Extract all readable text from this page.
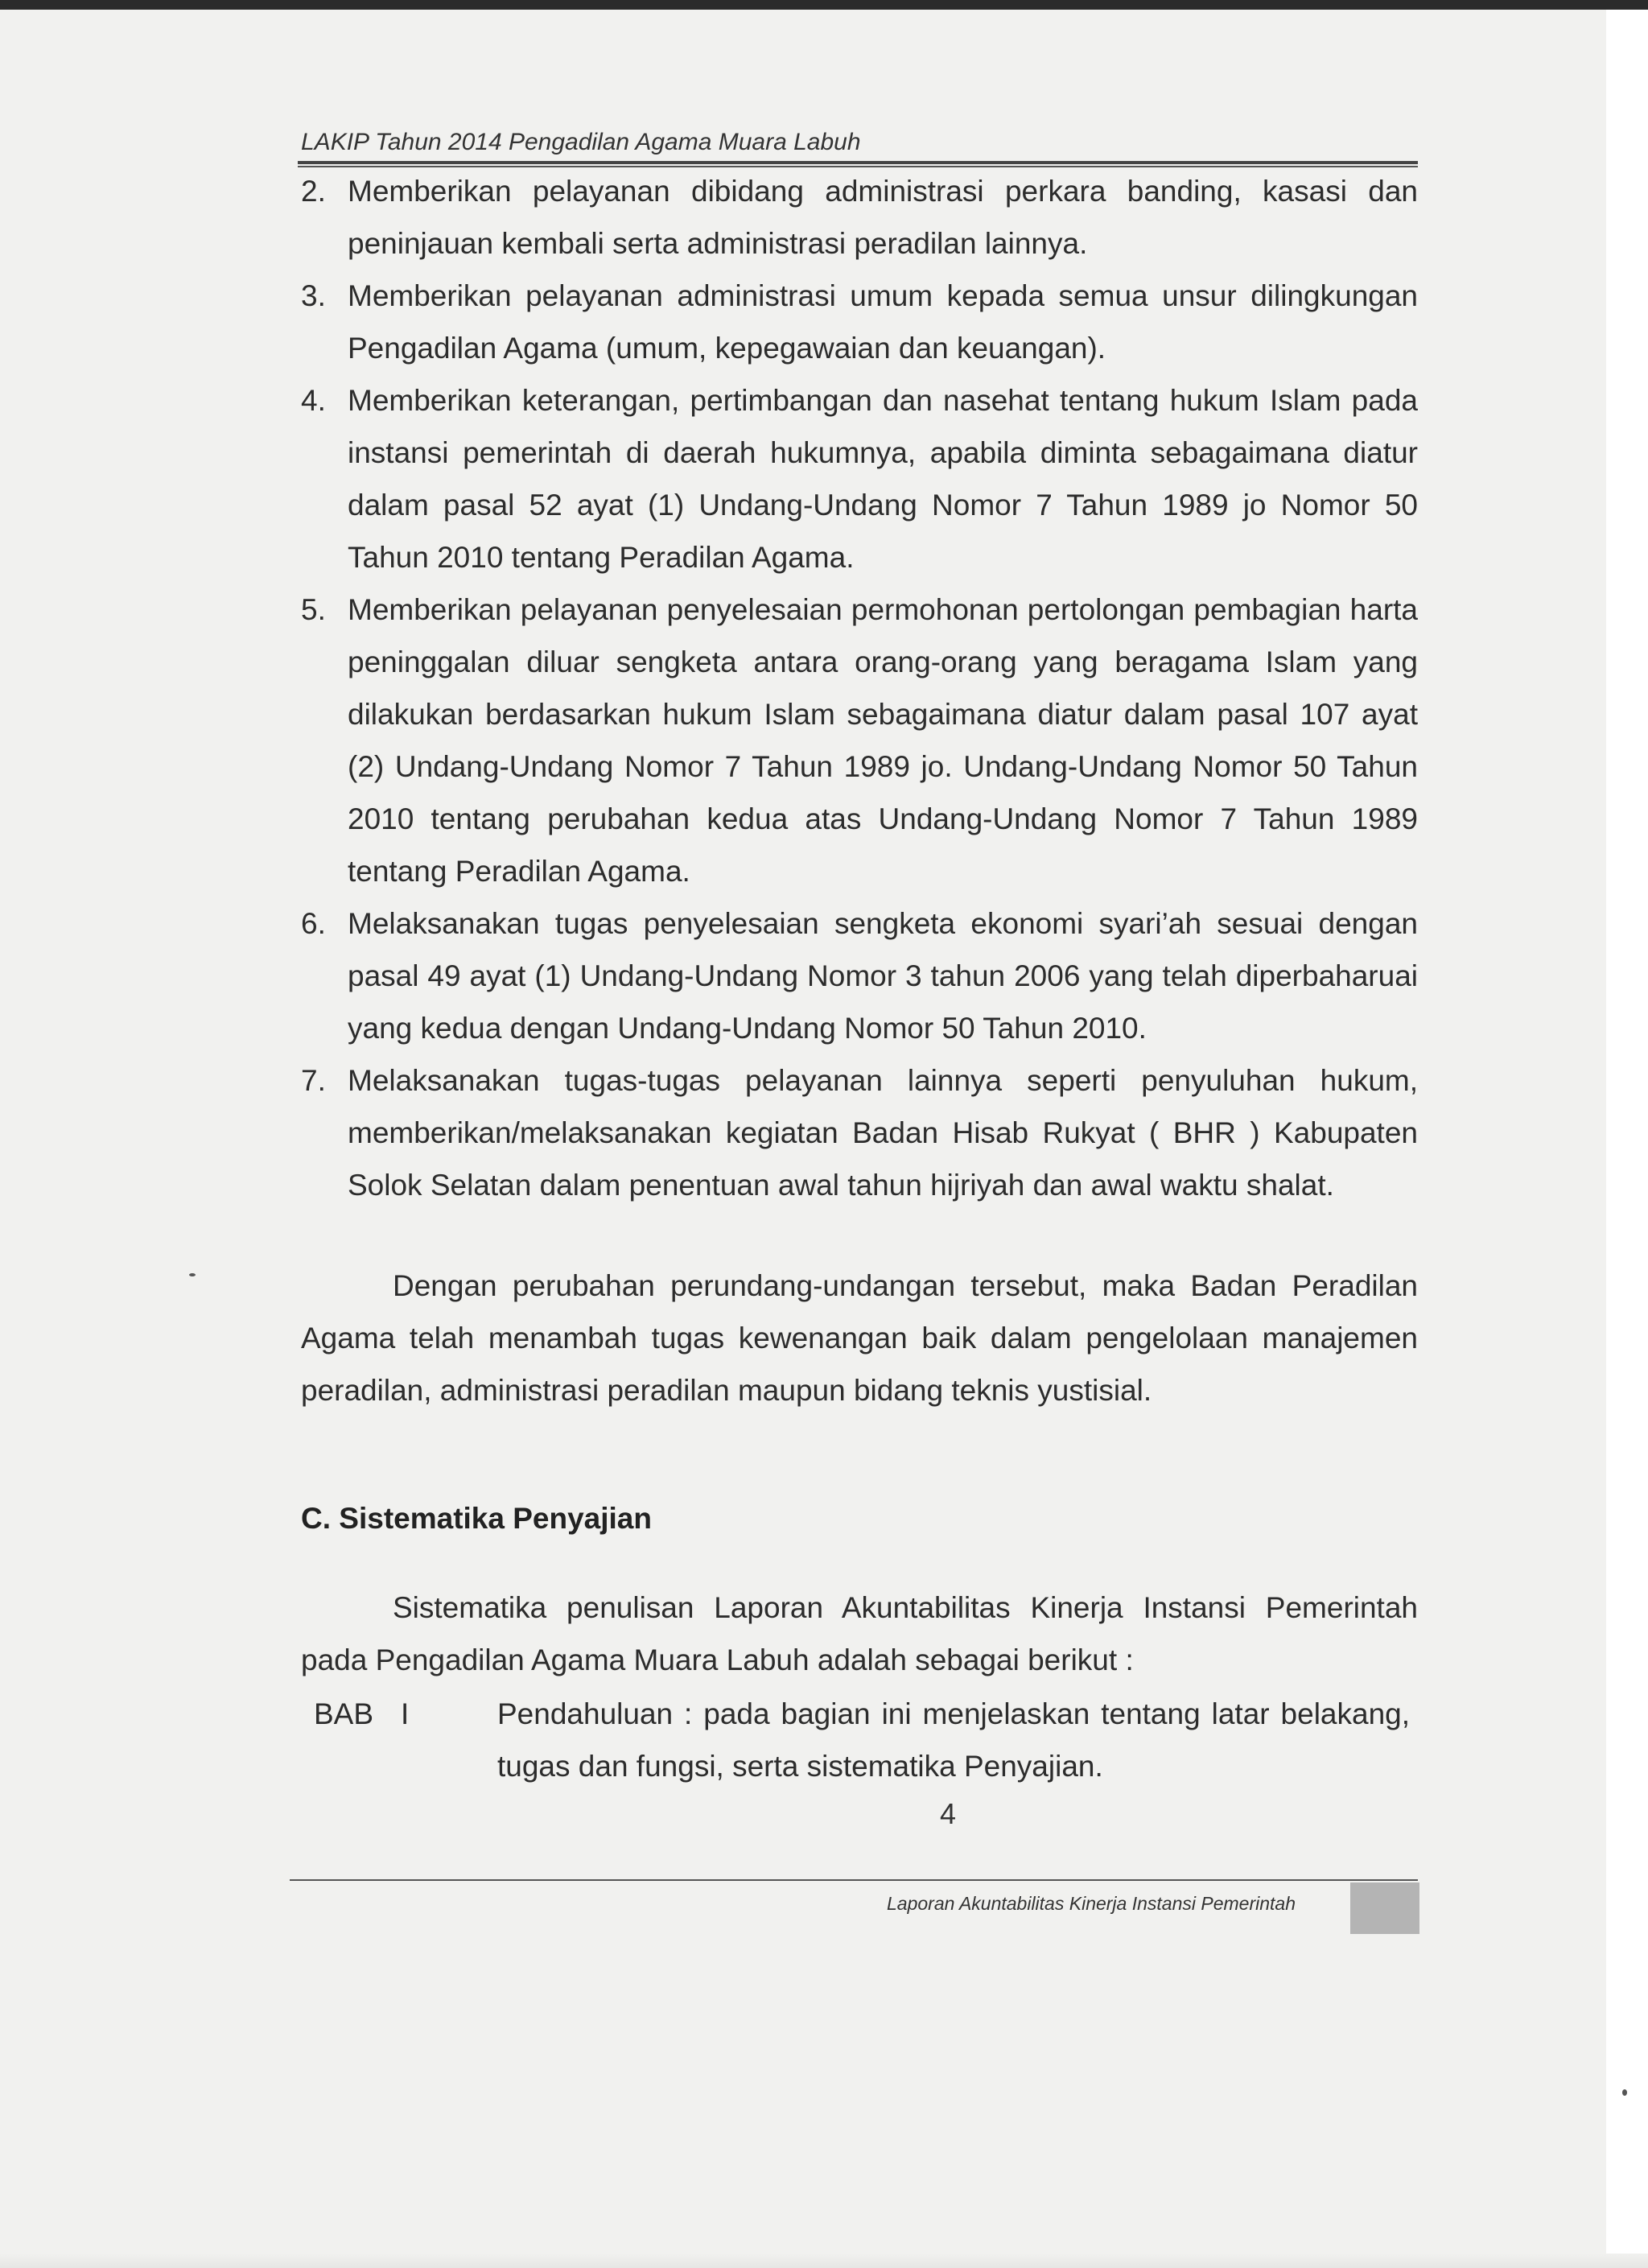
LAKIP Tahun 2014 Pengadilan Agama Muara Labuh

2. Memberikan pelayanan dibidang administrasi perkara banding, kasasi dan peninjauan kembali serta administrasi peradilan lainnya.
3. Memberikan pelayanan administrasi umum kepada semua unsur dilingkungan Pengadilan Agama (umum, kepegawaian dan keuangan).
4. Memberikan keterangan, pertimbangan dan nasehat tentang hukum Islam pada instansi pemerintah di daerah hukumnya, apabila diminta sebagaimana diatur dalam pasal 52 ayat (1) Undang-Undang Nomor 7 Tahun 1989 jo Nomor 50 Tahun 2010 tentang Peradilan Agama.
5. Memberikan pelayanan penyelesaian permohonan pertolongan pembagian harta peninggalan diluar sengketa antara orang-orang yang beragama Islam yang dilakukan berdasarkan hukum Islam sebagaimana diatur dalam pasal 107 ayat (2) Undang-Undang Nomor 7 Tahun 1989 jo. Undang-Undang Nomor 50 Tahun 2010 tentang perubahan kedua atas Undang-Undang Nomor 7 Tahun 1989 tentang Peradilan Agama.
6. Melaksanakan tugas penyelesaian sengketa ekonomi syari’ah sesuai dengan pasal 49 ayat (1) Undang-Undang Nomor 3 tahun 2006 yang telah diperbaharuai yang kedua dengan Undang-Undang Nomor 50 Tahun 2010.
7. Melaksanakan tugas-tugas pelayanan lainnya seperti penyuluhan hukum, memberikan/melaksanakan kegiatan Badan Hisab Rukyat ( BHR ) Kabupaten Solok Selatan dalam penentuan awal tahun hijriyah dan awal waktu shalat.

Dengan perubahan perundang-undangan tersebut, maka Badan Peradilan Agama telah menambah tugas kewenangan baik dalam pengelolaan manajemen peradilan, administrasi peradilan maupun bidang teknis yustisial.

C. Sistematika Penyajian

Sistematika penulisan Laporan Akuntabilitas Kinerja Instansi Pemerintah pada Pengadilan Agama Muara Labuh adalah sebagai berikut :

BAB I	Pendahuluan : pada bagian ini menjelaskan tentang latar belakang, tugas dan fungsi, serta sistematika Penyajian.

4

Laporan Akuntabilitas Kinerja Instansi Pemerintah
